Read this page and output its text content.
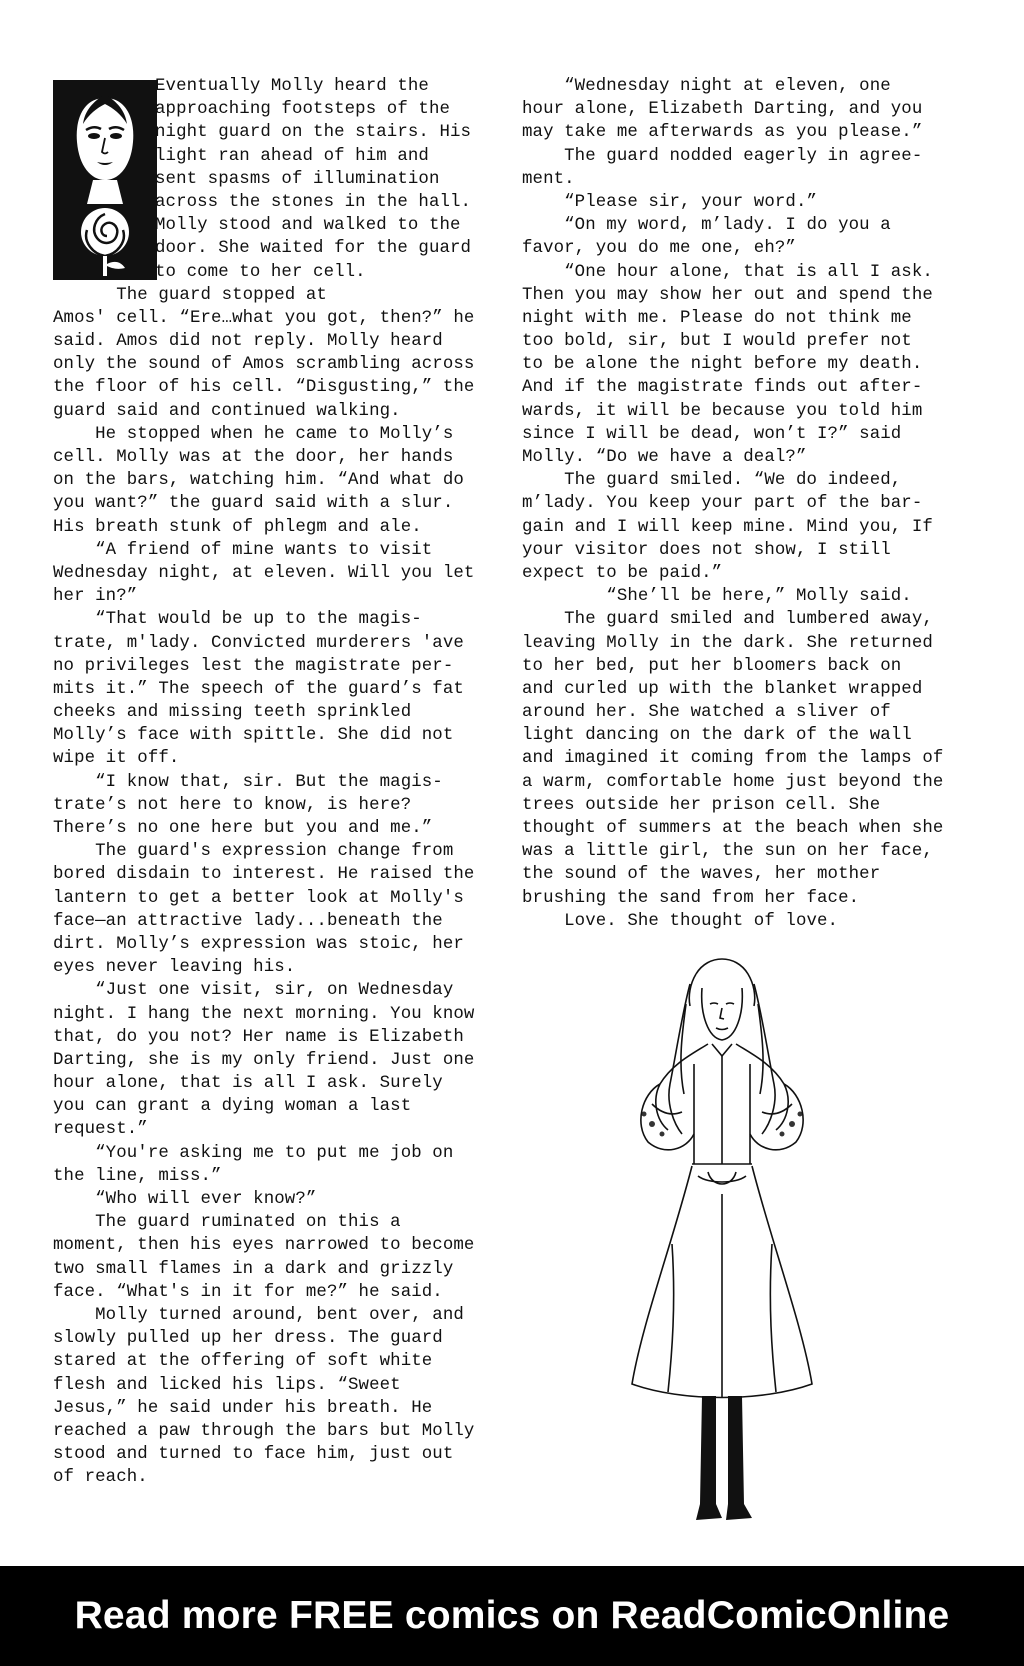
Eventually Molly heard the
approaching footsteps of the
night guard on the stairs. His
light ran ahead of him and
sent spasms of illumination
across the stones in the hall.
Molly stood and walked to the
door. She waited for the guard
to come to her cell.
The guard stopped at
Amos' cell. “Ere…what you got, then?” he
said. Amos did not reply. Molly heard
only the sound of Amos scrambling across
the floor of his cell. “Disgusting,” the
guard said and continued walking.
He stopped when he came to Molly’s
cell. Molly was at the door, her hands
on the bars, watching him. “And what do
you want?” the guard said with a slur.
His breath stunk of phlegm and ale.
“A friend of mine wants to visit
Wednesday night, at eleven. Will you let
her in?”
“That would be up to the magis-
trate, m'lady. Convicted murderers 'ave
no privileges lest the magistrate per-
mits it.” The speech of the guard’s fat
cheeks and missing teeth sprinkled
Molly’s face with spittle. She did not
wipe it off.
“I know that, sir. But the magis-
trate’s not here to know, is here?
There’s no one here but you and me.”
The guard's expression change from
bored disdain to interest. He raised the
lantern to get a better look at Molly's
face—an attractive lady...beneath the
dirt. Molly’s expression was stoic, her
eyes never leaving his.
“Just one visit, sir, on Wednesday
night. I hang the next morning. You know
that, do you not? Her name is Elizabeth
Darting, she is my only friend. Just one
hour alone, that is all I ask. Surely
you can grant a dying woman a last
request.”
“You're asking me to put me job on
the line, miss.”
“Who will ever know?”
The guard ruminated on this a
moment, then his eyes narrowed to become
two small flames in a dark and grizzly
face. “What's in it for me?” he said.
Molly turned around, bent over, and
slowly pulled up her dress. The guard
stared at the offering of soft white
flesh and licked his lips. “Sweet
Jesus,” he said under his breath. He
reached a paw through the bars but Molly
stood and turned to face him, just out
of reach.
“Wednesday night at eleven, one
hour alone, Elizabeth Darting, and you
may take me afterwards as you please.”
The guard nodded eagerly in agree-
ment.
“Please sir, your word.”
“On my word, m’lady. I do you a
favor, you do me one, eh?”
“One hour alone, that is all I ask.
Then you may show her out and spend the
night with me. Please do not think me
too bold, sir, but I would prefer not
to be alone the night before my death.
And if the magistrate finds out after-
wards, it will be because you told him
since I will be dead, won’t I?” said
Molly. “Do we have a deal?”
The guard smiled. “We do indeed,
m’lady. You keep your part of the bar-
gain and I will keep mine. Mind you, If
your visitor does not show, I still
expect to be paid.”
“She’ll be here,” Molly said.
The guard smiled and lumbered away,
leaving Molly in the dark. She returned
to her bed, put her bloomers back on
and curled up with the blanket wrapped
around her. She watched a sliver of
light dancing on the dark of the wall
and imagined it coming from the lamps of
a warm, comfortable home just beyond the
trees outside her prison cell. She
thought of summers at the beach when she
was a little girl, the sun on her face,
the sound of the waves, her mother
brushing the sand from her face.
Love. She thought of love.
Read more FREE comics on ReadComicOnline
